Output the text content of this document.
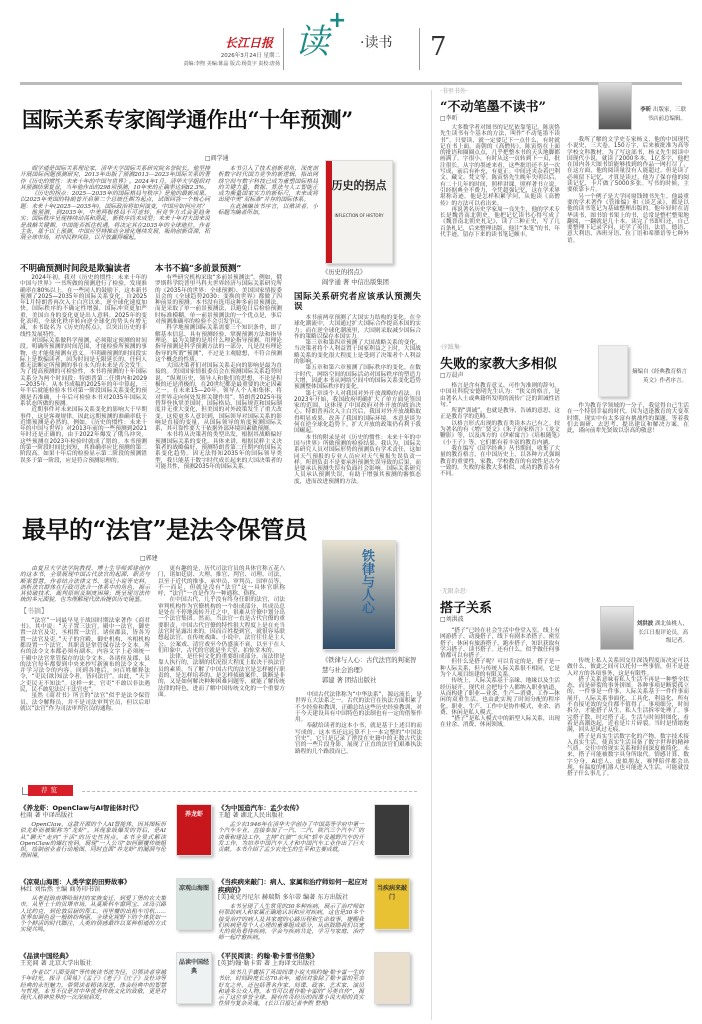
长江日报
2026年3月24日 星期二
责编:李煦 美编:陈晶 版式:杨莫宇 责校:唐扬
读
+
·读书 7
国际关系专家阎学通作出“十年预测”
□阎学通

阎学通是国际关系理论家，清华大学国际关系研究院名誉院长。他坚持开展国际问题预测研究，2013年出版了预测2013—2023年国际关系的著作《历史的惯性：未来十年的中国与世界》。2024年1月，清华大学组织对其预测结果复盘，当年他作出的298项预测，10年来的正确率达到82.3%。

《历史的拐点：2025—2035年的国际格局与秩序》是他的最新成果，以2025年美国的特朗普开启第二个总统任期为起点，试图回答一个核心问题：未来十年(2025—2035年)，国际政治将如何演变，中国应如何应对？

他预测，到2035年，中美两极格局不可逆转，但竞争方式会更趋务实；国际秩序呈现持续动荡和混乱，新秩序尚未成型；未来十年对大国来说是战略关键期，中国能否抓住机遇，将决定其在2035年的全球地位。作者主张，基于以上预测，中国应坚持推动全球化继续发展，吸纳创新资源，拓展全球市场，对冲民粹风险，以开放赢得崛起。

本书引入了技术创新视角，深度剖析数字时代国力竞争的新逻辑，指出网络空间与数字科技已成为重塑国际格局的关键力量，数据、算法与人工智能正成为衡量国家实力的新标尺，未来或将出现中美“双标准”并存的国际体系。

在此摘编该书序言，以飨读者，小标题为编者所加。

历史的拐点
INFLECTION OF HISTORY
《历史的拐点》
阎学通 著 中信出版集团
不明确预测时间段是欺骗读者	本书不搞“多前景预测”

2024年初，我对《历史的惯性：未来十年的中国与世界》一书所做的预测进行了检验，发现准确率在80%以上。在一些同人的鼓励下，这本新书预测了2025—2035年的国际关系变化。自2025年1月特朗普再次入主白宫以来，逆全球化速度加快，国际秩序的不确定性增强，国际冲突更加严重，美国自身的变化更是出人意料。2025年的变化表明，全球化秩序转向逆全球化的势头有增无减，本书取名为《历史的拐点》，以突出历史的非线性发展特性。

对国际关系做科学预测，必须限定预测的时间段。明确所预测的时间范围，才能检验所预测的事物，也才能使预测有意义。不明确预测的时间段实际上是欺骗读者，因为时间是无限延长的，任何人都无法断定所预测的事在永久的未来是否会发生。为了提高预测的可检验性，本书将预测的十年国际关系分为两个时间段：特朗普第二任期内和2029—2035年。从本书成稿的2025年的年中算起，三年半后就能检验本书对第一阶段国际关系变化的预测是否准确，十年后可检验本书对2035年国际关系状态所做的预测。

近期事件对未来国际关系变化的影响大于早期事件，这是客观规律，因此远期预测的准确率低于近期预测是必然的。例如，《历史的惯性：未来十年的中国与世界》对2013年前的一些预测到2021年时还是正确的，由于2022年爆发了俄乌冲突，这些预测在2023年检验时就成了错的。本书预测的第一阶段时间比较短，其准确率应比预测的第二阶段高。如果十年后的检验显示第二阶段的预测错误多于第一阶段，应是符合预测原理的。

有些研究机构采取“多前景预测法”。例如，俄罗斯科学院普里马科夫世界经济与国际关系研究所的《2035年的世界：全球预测》、美国国家情报委员会的《全球趋势2030：变换的世界》都做了四种前景的预测。本书没有选用这种多前景预测法，而是采取了单一前景预测法，以避免日后检验预测时标准模糊。单一前景预测法的一个优点是，事后对预测准确率的检验不会引发争议。

科学地预测国际关系需要三个知识条件，即了解基本信息、具有预测经验、掌握预测方法和指导理论。最为关键的是用什么理论指导预测。用理论指导预测是科学预测方法的一部分，凡是没有理论指导的所谓“预测”，不过是主观臆想，不符合预测这个概念的性质。

大国决策者们对国际关系走向的影响是最为直接的。美国国家情报委员会在预测国际关系趋势时说，“纵观历史，领导人和他们的思想，不论是积极的还是消极的，在20世纪都是最重要的决定因素之一。在未来15—20年，领导人个人和集体，将对世界走向何处发挥关键作用”。特朗普2025年接替拜登执掌美国时，国际格局、国际规范和国际制度并无重大变化，但美国的对外政策发生了重大改变。这使更多人意识到，国际领导对国际关系的影响是直接的变量，从国际领导的角度预测国际关系，其可靠性要大于依据外部环境因素做预测。

本书将从决策者的类型出发，根据其战略偏好预测国际关系的变化。具体来讲，根据民粹主义决策者的战略偏好，预测特朗普第二任期内的国际关系变化趋势。因无法得知2035年的国际领导类型，我只能基于数字时代成长起来的大国决策者的可能共性，预测2035年的国际关系。

国际关系研究者应该承认预测失误

本书前两章预测了大国实力结构的变化。在全球化潮流中，大国通过扩大国际合作提高本国的实力；而在逆全球化潮流里，大国则采取减少国际合作的策略以保存本国实力。

第三章和第四章预测了大国战略关系的变化。当决策者将个人利益置于国家利益之上时，大国战略关系的变化很大程度上是受到了决策者个人利益的影响。

第五章和第六章预测了国际秩序的变化。在数字时代，网络空间的国际活动对国际秩序的塑造力大增，因此本书从网络空间中的国际关系变化趋势预测整体国际秩序的变化。

第七章谈个人对我国对外开放战略的看法。自2023年开始，我国政府明确扩大了单方面免签国家的范围，这体现了中国政府对外开放的政治决心。特朗普再次入主白宫后，我国对外开放战略取得明显成果，改善了我国的国际环境。本意是谈为何在逆全球化趋势下，扩大开放的政策仍有利于我国崛起。

本书的附录是对《历史的惯性：未来十年的中国与世界》所做预测的检验结果。我认为，国际关系研究人员对国际形势的预测负有学术责任，这如同天气预报的专业人员应对天气预报失误负责一样。所谓负责不是要承担预测失误导致的后果，而是要承认预测失误有负面社会影响。国际关系研究人员承认预测失误，有助于增强其预测的審慎态度，进而改进预测的方法。

最早的“法官”是法令保管员
□郭建	铁律与人心
《铁律与人心：古代法官的判案智
慧与社会治理》
郭建 著 团结出版社

由复旦大学法学院教授、博士生导师郭建创作的这本书，全景展现中国古代法官的起源、职责与断案智慧。作者结合法律文书、笔记小说等史料，剖析法官群体在行政司法合一体系中的角色，揭示其侦破技术、裁判原则及制度困境；既呈现司法传统的多元面貌，也为理解现代法治提供历史镜鉴。

【书摘】

“法官”一词最早见于战国时期法家著作《商君书》。其中说：“天子置三法官，殿中一法官，御史置一法官及吏，丞相置一法官。诸侯郡县，皆各为置一法官及吏。”天子的宫殿、御史机构、丞相机构都设置一个法官，其职责是掌管保存法令文本。所有的法令文本都必须有副本，内容文字上必须统一于殿中法官掌管保存的法令文本。各诸侯及郡、县的法官每年都要到中央来抄写新颁布的法令文本，并学习法令的内容。回到各地后，向百姓解释法令，“吏民(欲)知法令者，皆问法官”。由此，“天下之吏民无不知法”。这样一来，官吏“不敢以非法遇民，民不敢犯法以干法官也”。

虽然《商君书》所言的“法官”似乎是法令保管员、法令解释员，并不是司法审判官员，但以后却就以“法官”作为司法审判官员的通称。

更有趣的是，历代司法官员的具体官称五花八门，诸如廷尉、大理、推官、判官、司理、司法，以至于近代的推事、承审员、审判员、国审员等，不一而足，但就是没有“法官”这一具体官职称呼，“法官”一直是作为一种通称、俗称。

在中国古代，几乎没有终身任职的法官，司法审判机构作为官僚机构的一个组成部分，其成员总是处在不停地流转升迁之中，很难从官僚中划分出一个法官集团。然而，当法官一直是古代官僚的重要职责，中国古代官僚的特性很大程度上是在充当法官时显露出来的。因而百姓提到官，就很容易联想起法官。在传统戏曲、小说中，法官往往是主人公。公案戏、清官戏至今仍盛演不衰，以至于在人们印象中，古代的官就是坐大堂、拍惊堂木的。

法律，是任何文化的重要组成部分。而法律是靠人执行的，法制的状况很大程度上取决于执法官员的素质。当了解了中国古代的法官是怎样履行职责的、是怎样培养的、是怎样侦破案件、裁断是非的，又是如何解决种种困难问题等，就能了解传统法律的特色，进而了解中国传统文化的一个重要方面。	中国古代法律称为“中华法系”，源远流长，是世界五大法系之一。古代的法官在执法方面积累了不少经验和教训，正确总结这些历史经验教训，对于今天建设具有中国特色的法制也有一定的借鉴作用。

奉献给读者的这本小书，就是基于上述目的而写成的。这本书还远远算不上一本完整的“中国法官史”，它只是记录了湮没在史籍中的无数古代法官的一些片段身影，展现了正直的法官们艰难执法路程的几个路段而已。

荐览
《养龙虾：OpenClaw与AI智能体时代》
杜雨 著 中译出版社
OpenClaw，这款开源的个人AI智能体，因其图标形似龙虾而被昵称为“龙虾”。其现象级爆发的背后，是AI从“聊天”走向“干活”的历史性拐点。本书全景式解读OpenClaw的爆红密码，展现“一人公司”如何颠覆传统组织，绘制创业者行动地图，同时直面“养龙虾”的漏洞与伦理困境。
养龙虾
《为中国造汽车：孟少农传》
王超 著 湖北人民出版社
孟少农1946年在清华大学创办了中国高等学府中第一个汽车专业，直接参加了一汽、二汽、陕汽三个汽车厂的决策和建设工作，主持“红旗”“东风”轿车及越野汽车的开发工作，为培养中国汽车人才和中国汽车工业作出了巨大贡献。本书介绍了孟少农先生的生平和主要成就。
《凉观山海图：人类学家的田野故事》
林红 刘怡然 主编 商务印书馆
从老挝琅南塔哈琅村的家族变迁，到爱丁堡的农夫集市，从里士十的贝塔市场，从莫斯科车窗阿宝、冰岛引路人比约克，到伦敦后厨的帮工，再里覆的出租车司机……世界如调色盘一般缤纷绚丽，全球化视野下的个体犹如一个个鲜活的时代脚注，人类的情感最终以某种相通的方式实现共鸣。
凉观山海图
《当疾病来敲门：病人、家属和治疗师如何一起应对疾病的》
[美]麦克丹尼尔 赫瑞斯 多尔蒂 编著 东方出版社
本书呈现了人生常见的30多种疾病，展示了治疗师如何帮助病人和家属正确地认识和应对疾病。这也是30多个接受治疗的病人及其家庭的心路历程和生命故事，提醒我们疾病是每个人心理的重要组成部分，从而鼓励我们以宽大的视角看待疾病，学会与疾病共处，学习与家庭、治疗师一起疗愈疾病。
当疾病来敲门
《品读中国经典》
王充闾 著 北京大学出版社
作者以“八面受敌”等传统读书法为径，引领读者穿越千年时光，探寻《周易》《孟子》《老子》《庄子》及杜诗等经典的永恒魅力。带领读者精读深思，体会经典中的智慧与哲理。本书不仅是对中华优秀传统文化的致敬，更是对现代人精神世界的一次深刻启发。
品读中国经典
《平民阅读：约翰·勒卡雷书信集》
[英]约翰·勒卡雷 著 上海译文出版社
该书几乎囊括了英国间谍小说大师约翰·勒卡雷一生的书信，时间跨度长达70余年，通信对象除了勒卡雷的至亲好友之外，还包括著名作家、间谍、政客、艺术家、演员和诸多公众人物。本书可以看作勒卡雷的“另类自传”，揭示了这位享誉全球、拥有传奇经历的间谍小说大师的真实性情与复杂灵魂。 (长江日报记者李煦 整理)
·书里书外·
“不动笔墨不读书”
□李昕
李昕 出版家，三联书店前总编辑。

大多数学者对图书的记忆依靠笔记。陈寅恪先生读书有个基本的方法，叫作“不动笔墨不读书”。只要读，就一定要记下一点什么，有时就记在书上面。南朝的《高僧传》，陈寅恪在上面的批语和圈圈点点，几乎把整本书的天头地脚都画满了。字很小，有时从这一页转到下一页，批注很长。从字的墨迹来看，这些批语还不是一次写成，前后有补充，有更正。中间还夹杂着巴利文、藏文、梵文等。陈寅恪先生晚年失明以后，有二十几年的时间，照样讲课，照样著书立说，引经据典全不费力，全凭超强记忆，这在学术界堪称奇迹。他是怎样积累学问，从他读《高僧传》的方法可以看出来。

再说著名历史学家周一良先生，他的学术专长是魏晋南北朝史。他把记忆读书心得写成了《魏晋南北朝史札记》，读了三种正史，写了几百条札记，后来整理出版。他注“朱笔”的书，年代手迹，留存下来的读书笔记颇丰。

我所了解的文学史专家杨义，他的中国现代小说史，三大卷，150万字，后来被批准为高等学校文科教材。为了写这部书，杨义先生阅读中国现代小说，就读了2000多本，1亿多字，他把在国内各大图书馆能够找到的作品一网打尽了，在这方面，他的阅读量没有人能超过。但是读了必须留下记忆，才算是读过。他为了保存他的阅读记忆，卡片做了5000多张。写书的时候，主要依靠卡片。

另一个例子是大学同窗钱锺书先生。他最重要的学术著作《管锥编》和《谈艺录》，都是以他的读书笔记为基础整理出版的。他年轻时在清华读书，图书馆书架上的书，总常是整栏整架地翻阅，一翻就是几十本。读完了书即归还，自己要整理下记录学问，还学了英语、法语、德语、意大利语、西班牙语、拉丁语和希腊语等七种外语。

·序跋集·
失败的家教大多相似
□万晨声	摘编自《经典教育格言英文》作者序言。

格言是含有教育意义、可作为准则的辞句。中国社科院安德明先生认为：“狭义的格言，是由著名人士或典籍所发明的流传广泛的训诫性语句。”

所谓“训诫”，也就是教导、告诫的意思，这正是教育学的范畴。

以格言形式出现的教育类读本古已有之。较为著名的有《增广贤文》《朱子治家格言》《龙文鞭影》等，以及西方的《伊索寓言》《培根随笔》《小王子》等，它们都有着丰富的教育内涵。

我在编写《国学经典》丛书期间，收集了大量的教育格言，在中国历史上，以各种方式强调教育的重要性，家教、学校教育的有效性是古今一致的。失败的家教大多相似，成功的教育各有不同。

作为教育学领域的一分子，我觉得自己生活在一个特别幸福的时代。因为适逢教育的大变革时期，现实中有太多富有挑战性的课题，等着我们去调研、去思考、提出建议和解决方案。在此，谨向前辈先贤致以崇高的敬意！

·无限杂思·
搭子关系
□刘洪波
刘洪波 湖北仙桃人，长江日报评论员，高级记者。

“搭子”已经在社会生活中登堂入室。线上有网游搭子、动漫搭子，线下有剧本杀搭子、密室搭子；休闲有旅游搭子、跑步搭子，知识获取有学习搭子、读书搭子。还有什么，似乎做任何事情都可以有搭子。

但什么是搭子呢？可以肯定的是，搭子是一种人际关系，但与传统人际关系很不相同，它是为个人项目组建的有限关系。

传统上，人际关系基于亲缘、地缘以及生活经历展开。现代社会把每个人都纳入职业轨道，从而构建了职业—业余、生产—消费、工作—休闲的双重生活，也由此实现了时间分配的程序化。职业、生产、工作中是协作模式，业余、消费、休闲是私人模式。

“搭子”是私人模式中的新型人际关系，出现在业余、消费、休闲领域。

传统上私人关系因交往深浅程度而决定可以做什么，彼此之间可以托付一些事情，但不是进入对方的各项事务，这是有限性。

搭子关系意味着私人生活不再是一种整全状态，而是碎裂的事务拼图。各种事项是断裂孤立的，一件事是一件事，人际关系基于一件件事而展开，人际关系事面化、工具化、利益化，所有不直接见效的交往都不值得了。事项细分，时间拆分，才能搭子从生，私人生活拆零处理了。事完搭子散，时过搭子走，生活与时间拼图化，看着是高潮迭起，近看是片片碎裂。当时是情绪饱满，回头是风过无痕。

搭子是真实生活数字化的产物。数字技术接入真实生活，使真实生活具备了数字世界的精神气质。交往中的现实关系和时间深度被简化。未来，搭子可能被数字具身所取代。情感计算、数字分身、AI恋人、虚拟朋友，赛博陪伴都会出现，有温度的机器人也可能进入生活，可能就没搭子什么事儿了。
